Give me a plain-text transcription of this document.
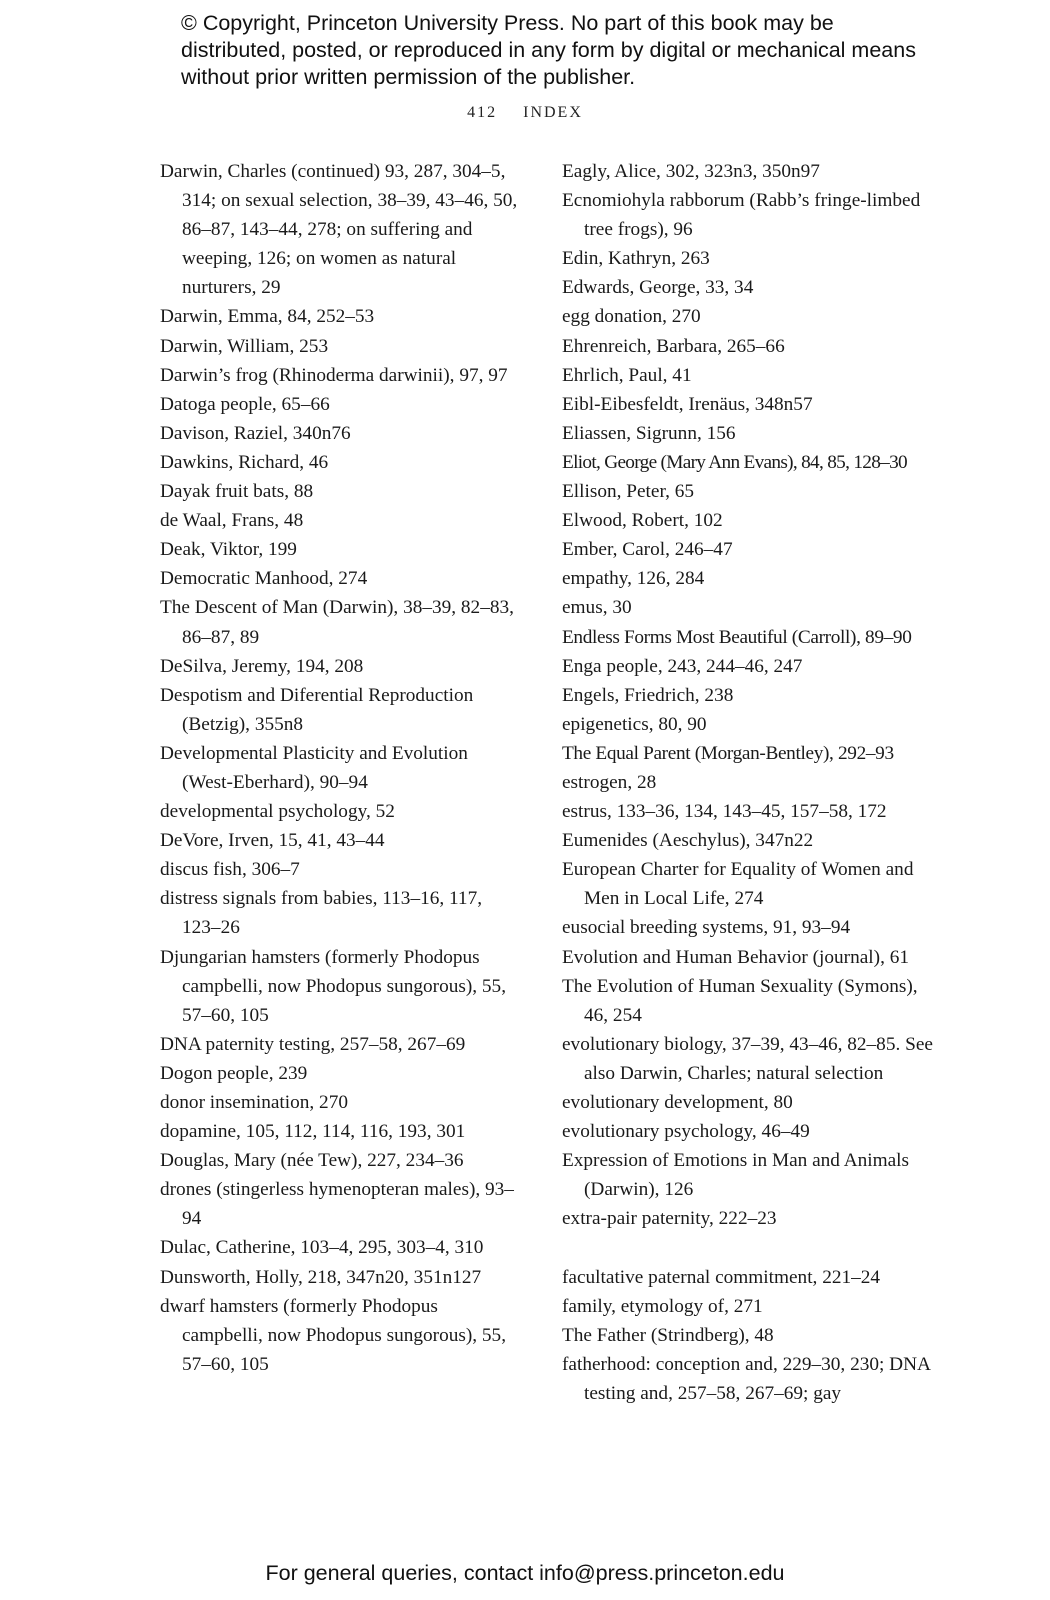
© Copyright, Princeton University Press. No part of this book may be distributed, posted, or reproduced in any form by digital or mechanical means without prior written permission of the publisher.
412 INDEX
Darwin, Charles (continued) 93, 287, 304–5, 314; on sexual selection, 38–39, 43–46, 50, 86–87, 143–44, 278; on suffering and weeping, 126; on women as natural nurturers, 29
Darwin, Emma, 84, 252–53
Darwin, William, 253
Darwin’s frog (Rhinoderma darwinii), 97, 97
Datoga people, 65–66
Davison, Raziel, 340n76
Dawkins, Richard, 46
Dayak fruit bats, 88
de Waal, Frans, 48
Deak, Viktor, 199
Democratic Manhood, 274
The Descent of Man (Darwin), 38–39, 82–83, 86–87, 89
DeSilva, Jeremy, 194, 208
Despotism and Diferential Reproduction (Betzig), 355n8
Developmental Plasticity and Evolution (West-Eberhard), 90–94
developmental psychology, 52
DeVore, Irven, 15, 41, 43–44
discus fish, 306–7
distress signals from babies, 113–16, 117, 123–26
Djungarian hamsters (formerly Phodopus campbelli, now Phodopus sungorous), 55, 57–60, 105
DNA paternity testing, 257–58, 267–69
Dogon people, 239
donor insemination, 270
dopamine, 105, 112, 114, 116, 193, 301
Douglas, Mary (née Tew), 227, 234–36
drones (stingerless hymenopteran males), 93–94
Dulac, Catherine, 103–4, 295, 303–4, 310
Dunsworth, Holly, 218, 347n20, 351n127
dwarf hamsters (formerly Phodopus campbelli, now Phodopus sungorous), 55, 57–60, 105
Eagly, Alice, 302, 323n3, 350n97
Ecnomiohyla rabborum (Rabb’s fringe-limbed tree frogs), 96
Edin, Kathryn, 263
Edwards, George, 33, 34
egg donation, 270
Ehrenreich, Barbara, 265–66
Ehrlich, Paul, 41
Eibl-Eibesfeldt, Irenäus, 348n57
Eliassen, Sigrunn, 156
Eliot, George (Mary Ann Evans), 84, 85, 128–30
Ellison, Peter, 65
Elwood, Robert, 102
Ember, Carol, 246–47
empathy, 126, 284
emus, 30
Endless Forms Most Beautiful (Carroll), 89–90
Enga people, 243, 244–46, 247
Engels, Friedrich, 238
epigenetics, 80, 90
The Equal Parent (Morgan-Bentley), 292–93
estrogen, 28
estrus, 133–36, 134, 143–45, 157–58, 172
Eumenides (Aeschylus), 347n22
European Charter for Equality of Women and Men in Local Life, 274
eusocial breeding systems, 91, 93–94
Evolution and Human Behavior (journal), 61
The Evolution of Human Sexuality (Symons), 46, 254
evolutionary biology, 37–39, 43–46, 82–85. See also Darwin, Charles; natural selection
evolutionary development, 80
evolutionary psychology, 46–49
Expression of Emotions in Man and Animals (Darwin), 126
extra-pair paternity, 222–23
facultative paternal commitment, 221–24
family, etymology of, 271
The Father (Strindberg), 48
fatherhood: conception and, 229–30, 230; DNA testing and, 257–58, 267–69; gay
For general queries, contact info@press.princeton.edu
